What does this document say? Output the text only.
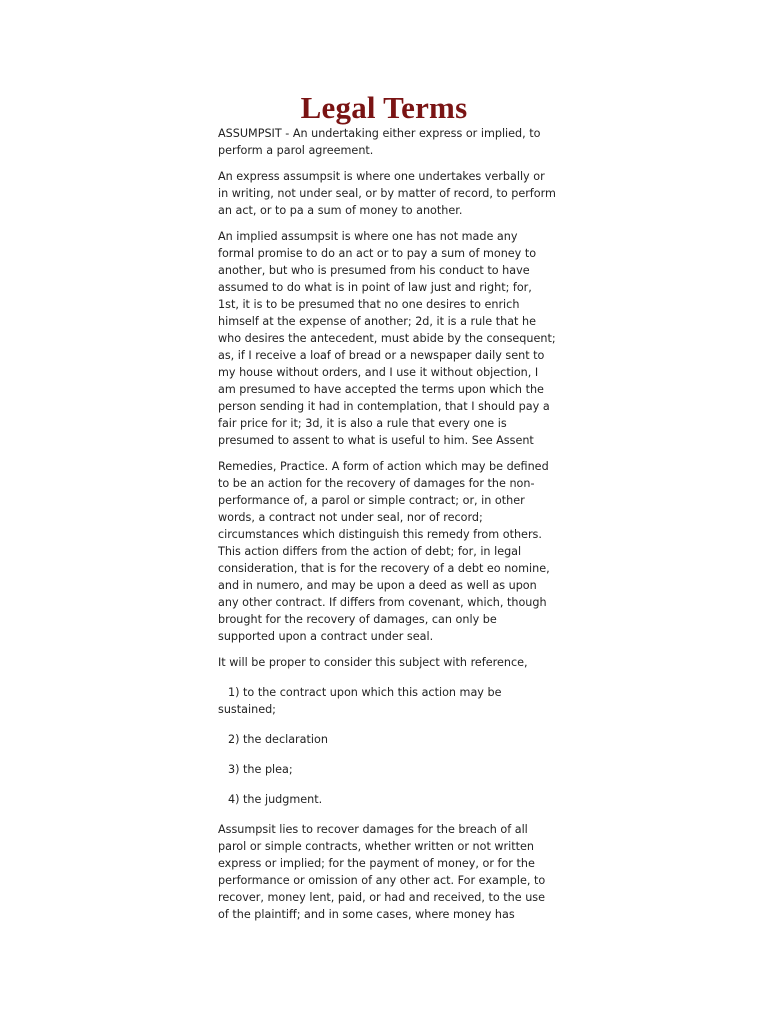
Legal Terms

ASSUMPSIT - An undertaking either express or implied, to perform a parol agreement.

An express assumpsit is where one undertakes verbally or in writing, not under seal, or by matter of record, to perform an act, or to pa a sum of money to another.

An implied assumpsit is where one has not made any formal promise to do an act or to pay a sum of money to another, but who is presumed from his conduct to have assumed to do what is in point of law just and right; for, 1st, it is to be presumed that no one desires to enrich himself at the expense of another; 2d, it is a rule that he who desires the antecedent, must abide by the consequent; as, if I receive a loaf of bread or a newspaper daily sent to my house without orders, and I use it without objection, I am presumed to have accepted the terms upon which the person sending it had in contemplation, that I should pay a fair price for it; 3d, it is also a rule that every one is presumed to assent to what is useful to him. See Assent

Remedies, Practice. A form of action which may be defined to be an action for the recovery of damages for the non-performance of, a parol or simple contract; or, in other words, a contract not under seal, nor of record; circumstances which distinguish this remedy from others. This action differs from the action of debt; for, in legal consideration, that is for the recovery of a debt eo nomine, and in numero, and may be upon a deed as well as upon any other contract. If differs from covenant, which, though brought for the recovery of damages, can only be supported upon a contract under seal.

It will be proper to consider this subject with reference,

1) to the contract upon which this action may be sustained;

2) the declaration

3) the plea;

4) the judgment.

Assumpsit lies to recover damages for the breach of all parol or simple contracts, whether written or not written express or implied; for the payment of money, or for the performance or omission of any other act. For example, to recover, money lent, paid, or had and received, to the use of the plaintiff; and in some cases, where money has
